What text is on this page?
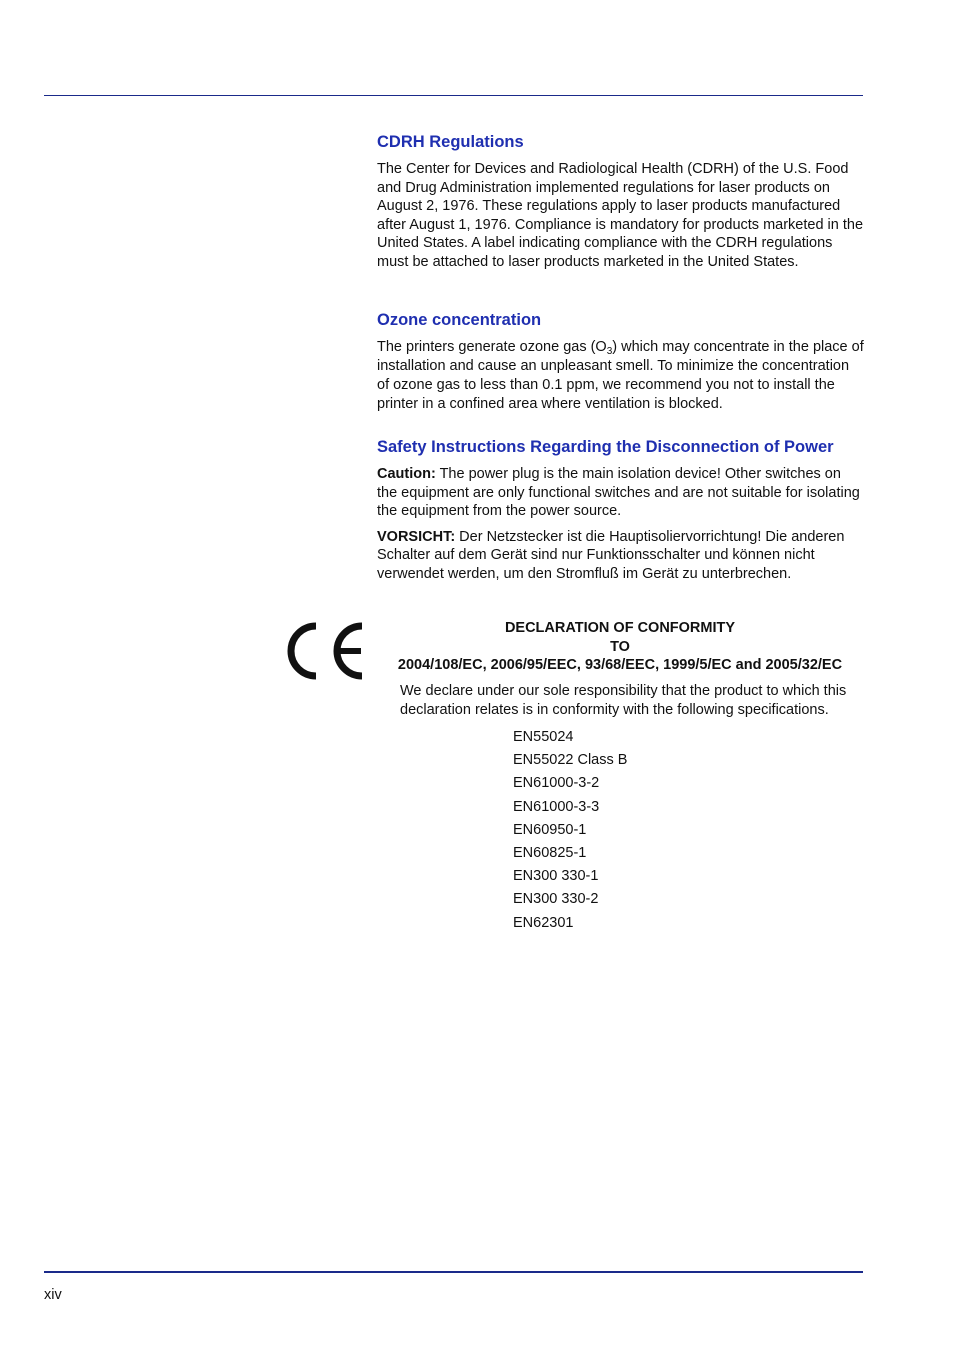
CDRH Regulations

The Center for Devices and Radiological Health (CDRH) of the U.S. Food and Drug Administration implemented regulations for laser products on August 2, 1976. These regulations apply to laser products manufactured after August 1, 1976. Compliance is mandatory for products marketed in the United States. A label indicating compliance with the CDRH regulations must be attached to laser products marketed in the United States.

Ozone concentration

The printers generate ozone gas $(O_3)$ which may concentrate in the place of installation and cause an unpleasant smell. To minimize the concentration of ozone gas to less than 0.1 ppm, we recommend you not to install the printer in a confined area where ventilation is blocked.

Safety Instructions Regarding the Disconnection of Power

Caution: The power plug is the main isolation device! Other switches on the equipment are only functional switches and are not suitable for isolating the equipment from the power source.

VORSICHT: Der Netzstecker ist die Hauptisoliervorrichtung! Die anderen Schalter auf dem Gerät sind nur Funktionsschalter und können nicht verwendet werden, um den Stromfluß im Gerät zu unterbrechen.

DECLARATION OF CONFORMITY
TO
2004/108/EC, 2006/95/EEC, 93/68/EEC, 1999/5/EC and 2005/32/EC

We declare under our sole responsibility that the product to which this declaration relates is in conformity with the following specifications.

EN55024
EN55022 Class B
EN61000-3-2
EN61000-3-3
EN60950-1
EN60825-1
EN300 330-1
EN300 330-2
EN62301
xiv
